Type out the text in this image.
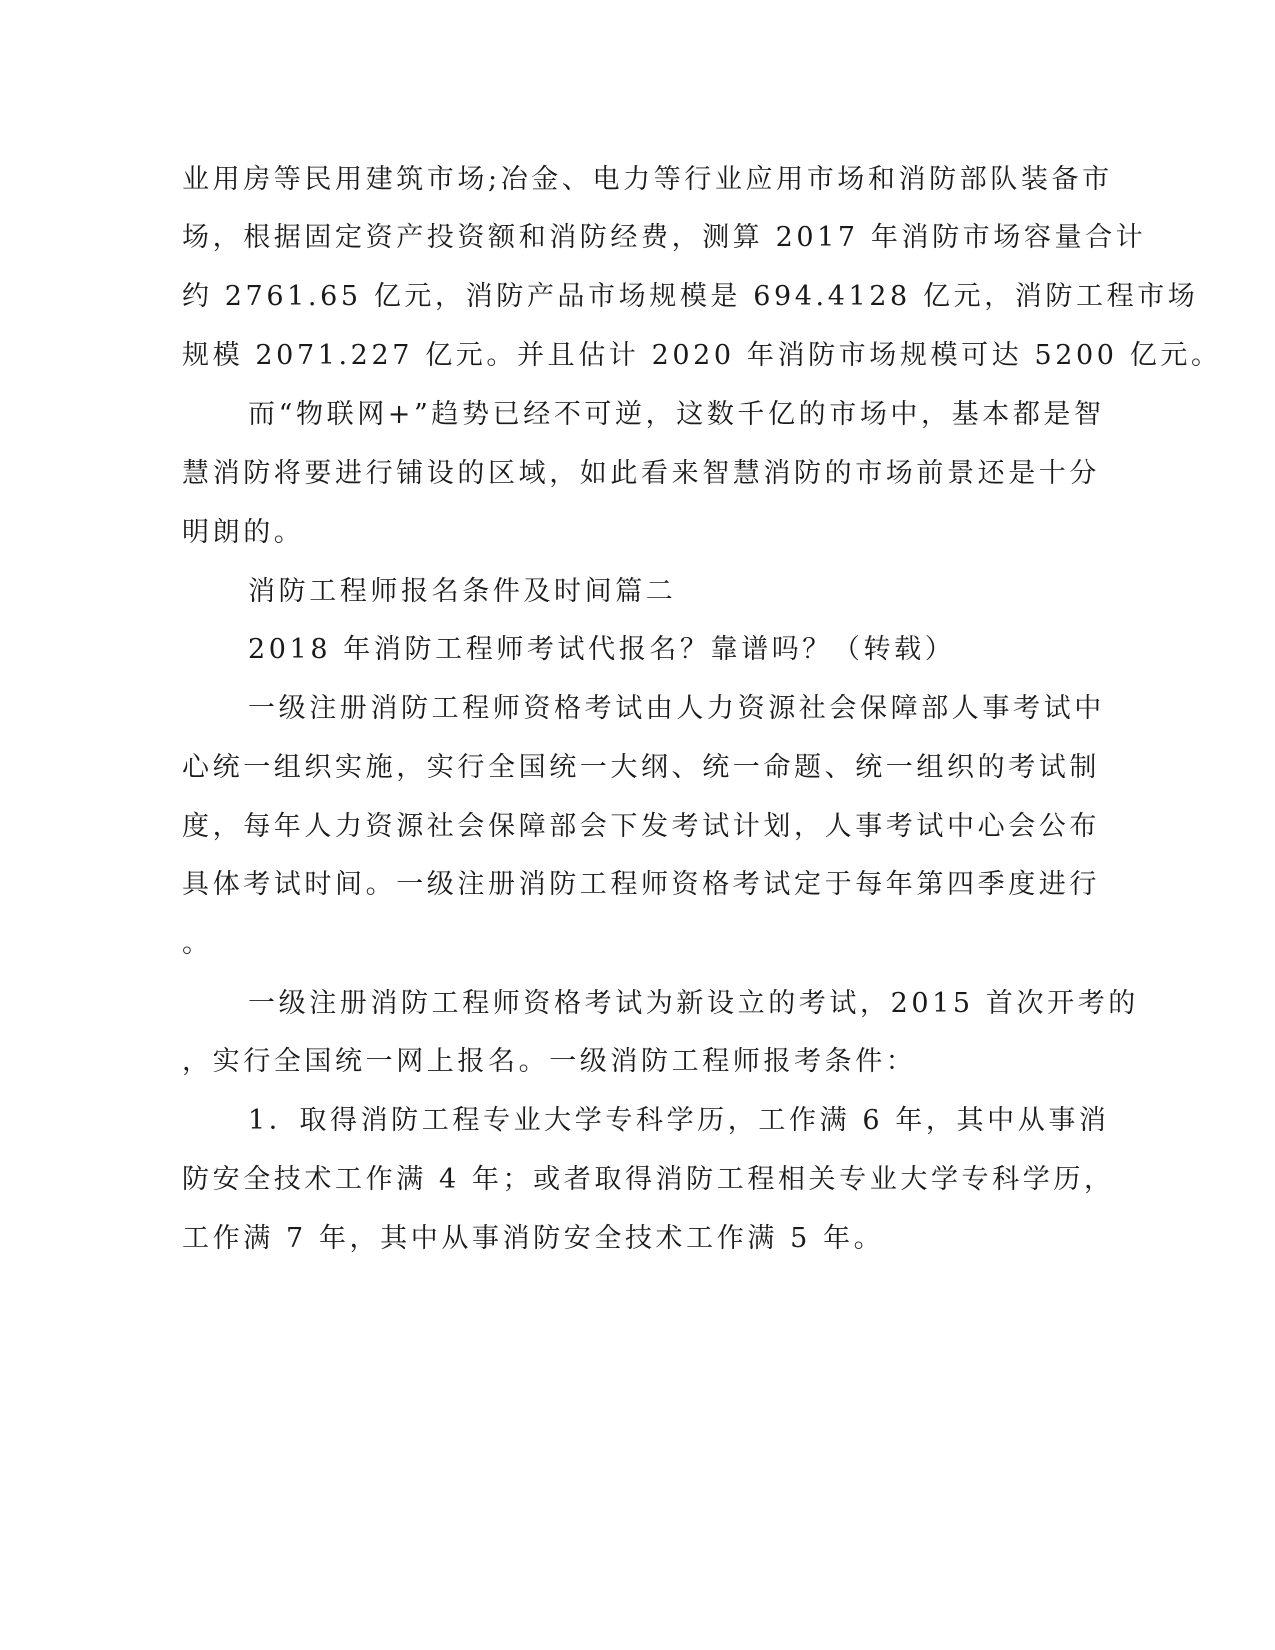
业用房等民用建筑市场;冶金、电力等行业应用市场和消防部队装备市
场，根据固定资产投资额和消防经费，测算 2017 年消防市场容量合计
约 2761.65 亿元，消防产品市场规模是 694.4128 亿元，消防工程市场
规模 2071.227 亿元。并且估计 2020 年消防市场规模可达 5200 亿元。
而“物联网+”趋势已经不可逆，这数千亿的市场中，基本都是智
慧消防将要进行铺设的区域，如此看来智慧消防的市场前景还是十分
明朗的。
消防工程师报名条件及时间篇二
2018 年消防工程师考试代报名？靠谱吗？（转载）
一级注册消防工程师资格考试由人力资源社会保障部人事考试中
心统一组织实施，实行全国统一大纲、统一命题、统一组织的考试制
度，每年人力资源社会保障部会下发考试计划，人事考试中心会公布
具体考试时间。一级注册消防工程师资格考试定于每年第四季度进行
。
一级注册消防工程师资格考试为新设立的考试，2015 首次开考的
，实行全国统一网上报名。一级消防工程师报考条件：
1．取得消防工程专业大学专科学历，工作满 6 年，其中从事消
防安全技术工作满 4 年；或者取得消防工程相关专业大学专科学历，
工作满 7 年，其中从事消防安全技术工作满 5 年。
